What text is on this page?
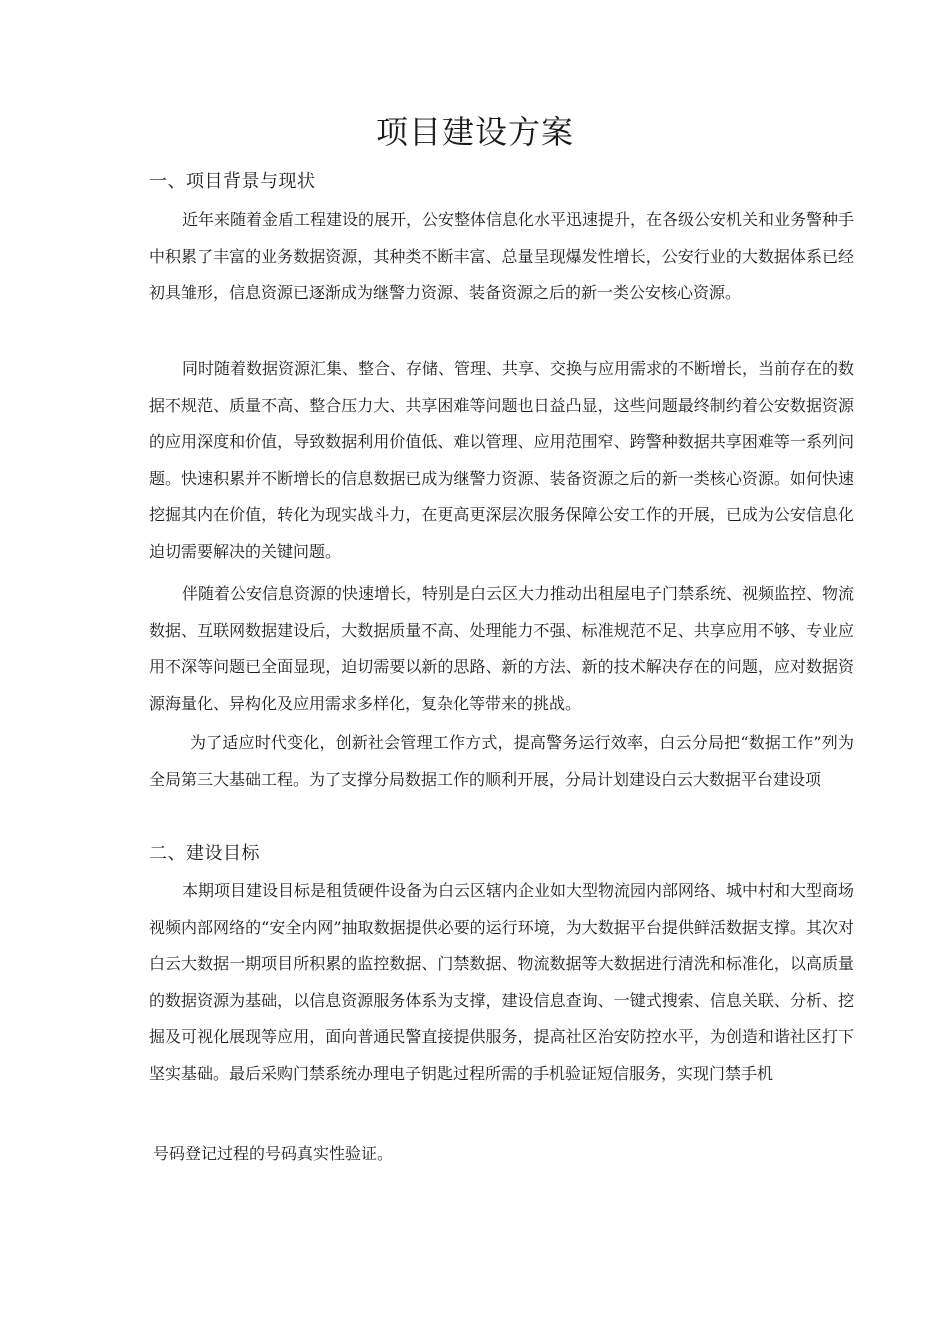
项目建设方案
一、项目背景与现状

近年来随着金盾工程建设的展开，公安整体信息化水平迅速提升，在各级公安机关和业务警种手中积累了丰富的业务数据资源，其种类不断丰富、总量呈现爆发性增长，公安行业的大数据体系已经初具雏形，信息资源已逐渐成为继警力资源、装备资源之后的新一类公安核心资源。

同时随着数据资源汇集、整合、存储、管理、共享、交换与应用需求的不断增长，当前存在的数据不规范、质量不高、整合压力大、共享困难等问题也日益凸显，这些问题最终制约着公安数据资源的应用深度和价值，导致数据利用价值低、难以管理、应用范围窄、跨警种数据共享困难等一系列问题。快速积累并不断增长的信息数据已成为继警力资源、装备资源之后的新一类核心资源。如何快速挖掘其内在价值，转化为现实战斗力，在更高更深层次服务保障公安工作的开展，已成为公安信息化迫切需要解决的关键问题。

伴随着公安信息资源的快速增长，特别是白云区大力推动出租屋电子门禁系统、视频监控、物流数据、互联网数据建设后，大数据质量不高、处理能力不强、标准规范不足、共享应用不够、专业应用不深等问题已全面显现，迫切需要以新的思路、新的方法、新的技术解决存在的问题，应对数据资源海量化、异构化及应用需求多样化，复杂化等带来的挑战。

为了适应时代变化，创新社会管理工作方式，提高警务运行效率，白云分局把“数据工作”列为全局第三大基础工程。为了支撑分局数据工作的顺利开展，分局计划建设白云大数据平台建设项

二、建设目标

本期项目建设目标是租赁硬件设备为白云区辖内企业如大型物流园内部网络、城中村和大型商场视频内部网络的“安全内网”抽取数据提供必要的运行环境，为大数据平台提供鲜活数据支撑。其次对白云大数据一期项目所积累的监控数据、门禁数据、物流数据等大数据进行清洗和标准化，以高质量的数据资源为基础，以信息资源服务体系为支撑，建设信息查询、一键式搜索、信息关联、分析、挖掘及可视化展现等应用，面向普通民警直接提供服务，提高社区治安防控水平，为创造和谐社区打下坚实基础。最后采购门禁系统办理电子钥匙过程所需的手机验证短信服务，实现门禁手机

号码登记过程的号码真实性验证。
